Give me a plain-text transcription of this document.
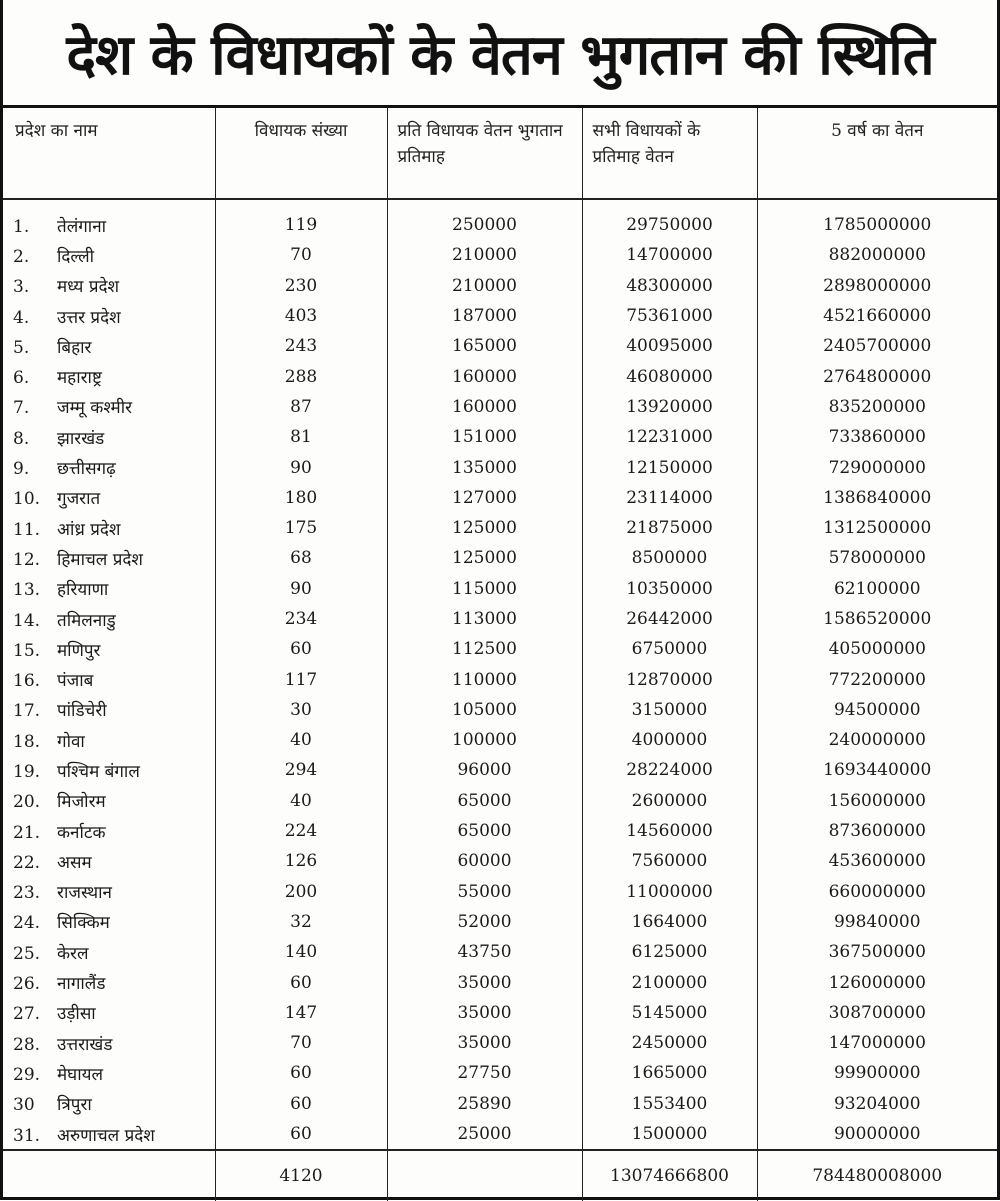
देश के विधायकों के वेतन भुगतान की स्थिति
प्रदेश का नाम	विधायक संख्या	प्रति विधायक वेतन भुगतान प्रतिमाह	सभी विधायकों के प्रतिमाह वेतन	5 वर्ष का वेतन
1. तेलंगाना	119	250000	29750000	1785000000
2. दिल्ली	70	210000	14700000	882000000
3. मध्य प्रदेश	230	210000	48300000	2898000000
4. उत्तर प्रदेश	403	187000	75361000	4521660000
5. बिहार	243	165000	40095000	2405700000
6. महाराष्ट्र	288	160000	46080000	2764800000
7. जम्मू कश्मीर	87	160000	13920000	835200000
8. झारखंड	81	151000	12231000	733860000
9. छत्तीसगढ़	90	135000	12150000	729000000
10. गुजरात	180	127000	23114000	1386840000
11. आंध्र प्रदेश	175	125000	21875000	1312500000
12. हिमाचल प्रदेश	68	125000	8500000	578000000
13. हरियाणा	90	115000	10350000	62100000
14. तमिलनाडु	234	113000	26442000	1586520000
15. मणिपुर	60	112500	6750000	405000000
16. पंजाब	117	110000	12870000	772200000
17. पांडिचेरी	30	105000	3150000	94500000
18. गोवा	40	100000	4000000	240000000
19. पश्चिम बंगाल	294	96000	28224000	1693440000
20. मिजोरम	40	65000	2600000	156000000
21. कर्नाटक	224	65000	14560000	873600000
22. असम	126	60000	7560000	453600000
23. राजस्थान	200	55000	11000000	660000000
24. सिक्किम	32	52000	1664000	99840000
25. केरल	140	43750	6125000	367500000
26. नागालैंड	60	35000	2100000	126000000
27. उड़ीसा	147	35000	5145000	308700000
28. उत्तराखंड	70	35000	2450000	147000000
29. मेघायल	60	27750	1665000	99900000
30 त्रिपुरा	60	25890	1553400	93204000
31. अरुणाचल प्रदेश	60	25000	1500000	90000000
	4120		13074666800	784480008000
